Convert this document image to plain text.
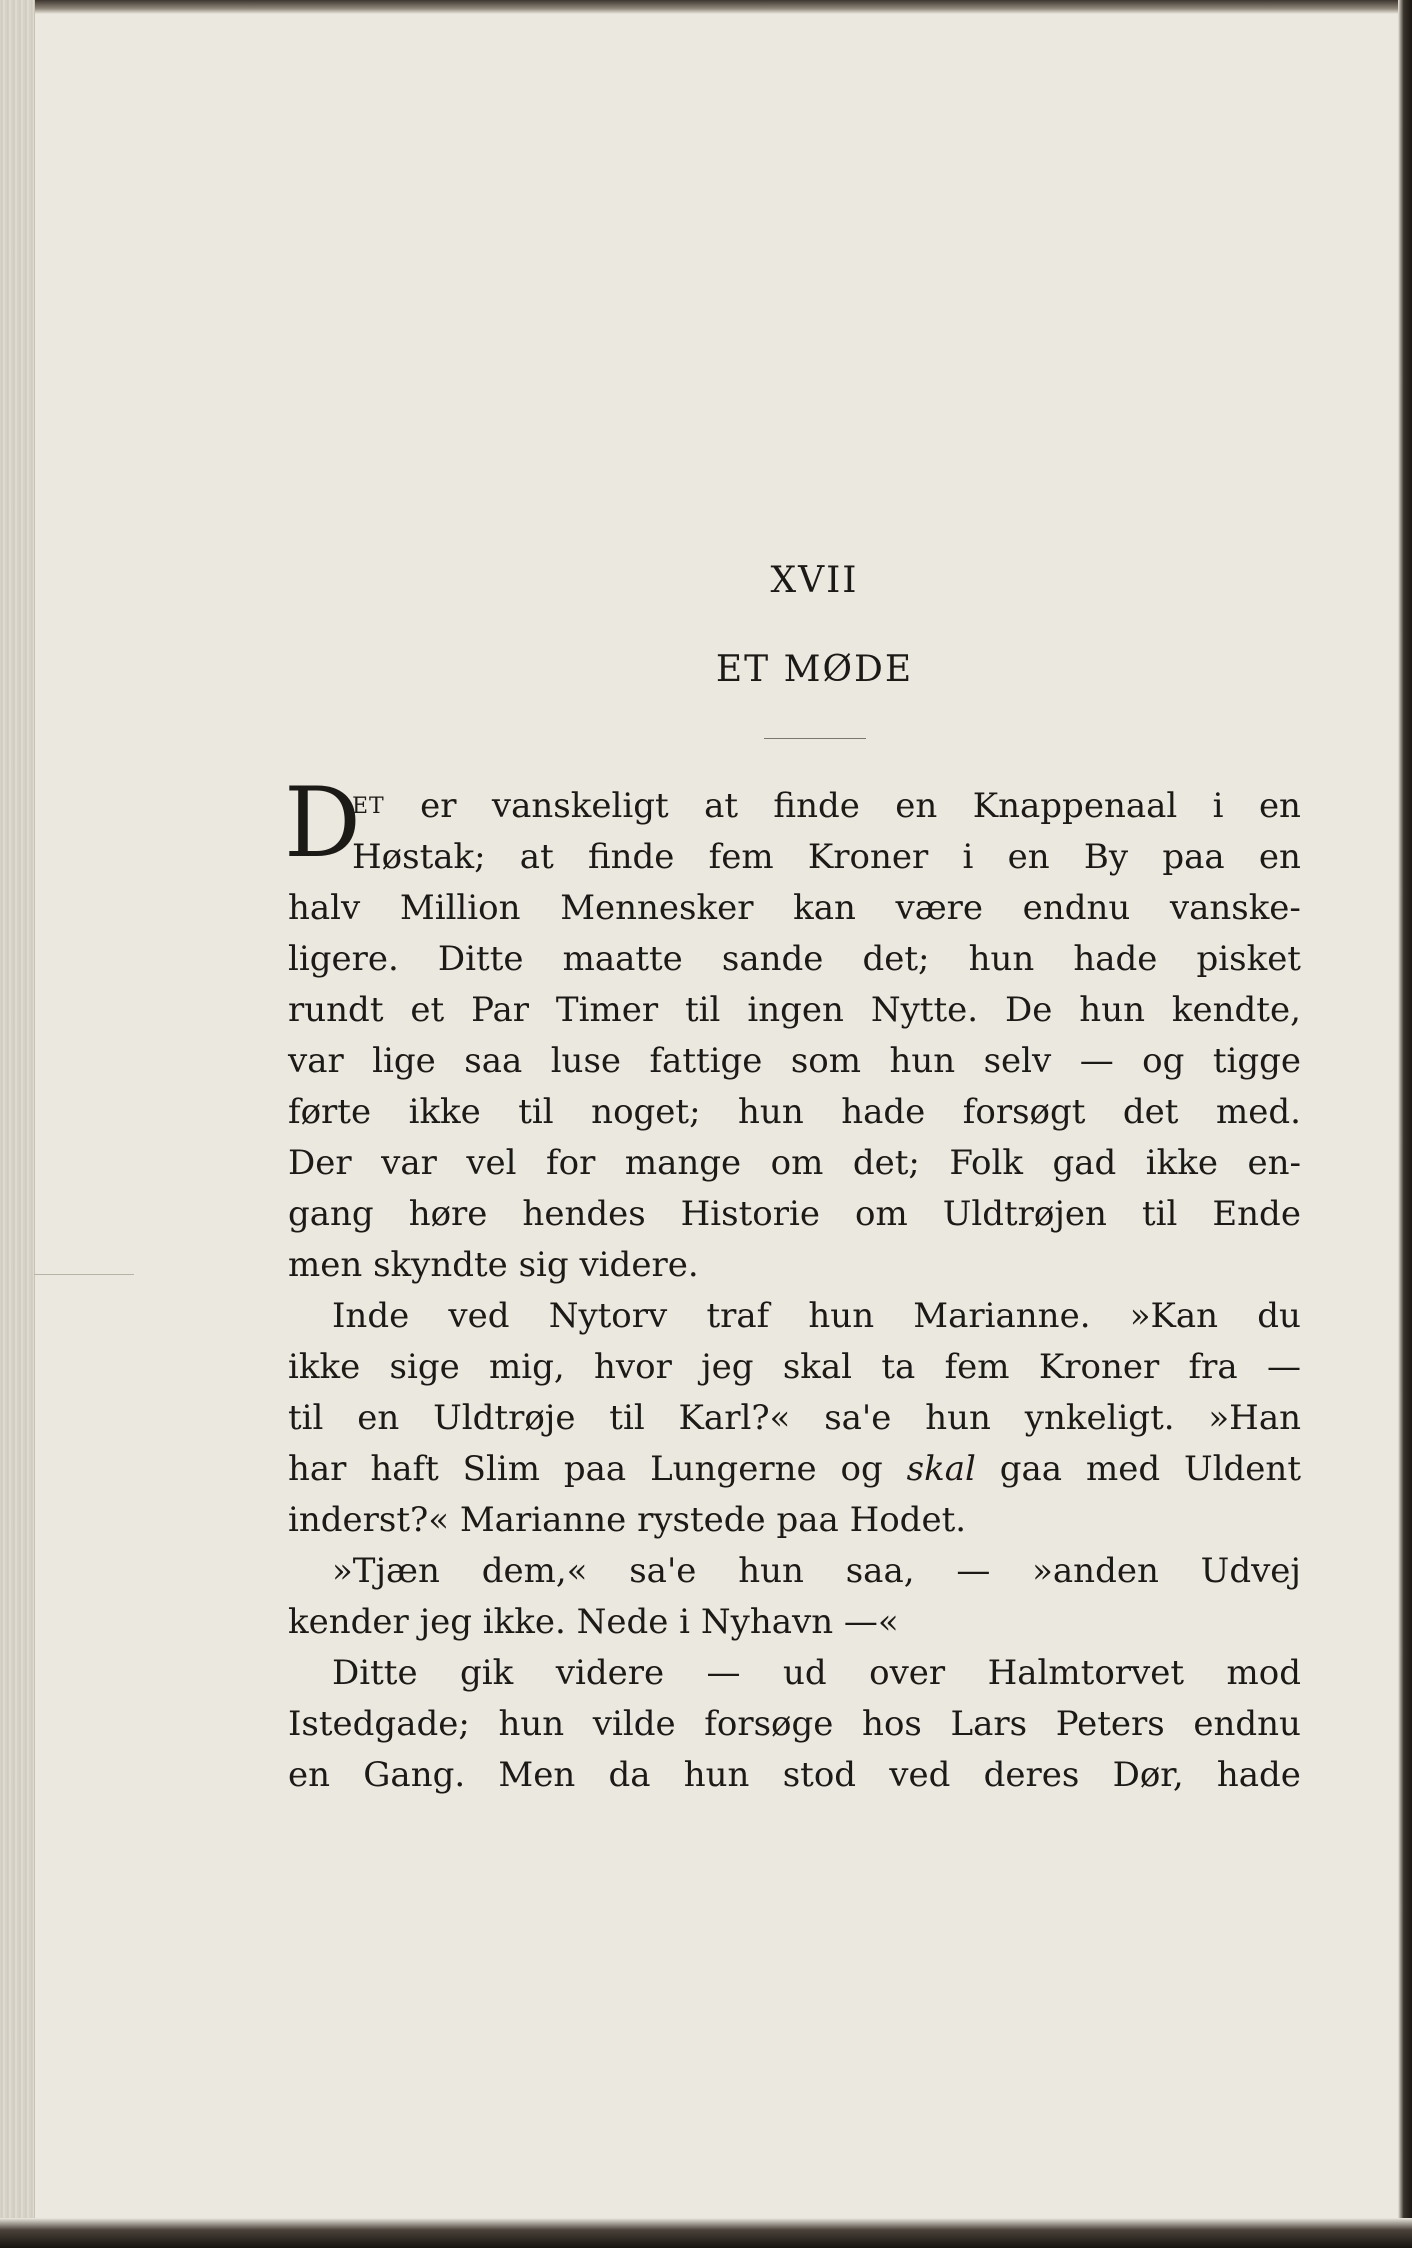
XVII
ET MØDE
D
ET er vanskeligt at finde en Knappenaal i en
Høstak; at finde fem Kroner i en By paa en
halv Million Mennesker kan være endnu vanske-
ligere. Ditte maatte sande det; hun hade pisket
rundt et Par Timer til ingen Nytte. De hun kendte,
var lige saa luse fattige som hun selv — og tigge
førte ikke til noget; hun hade forsøgt det med.
Der var vel for mange om det; Folk gad ikke en-
gang høre hendes Historie om Uldtrøjen til Ende
men skyndte sig videre.
Inde ved Nytorv traf hun Marianne. »Kan du
ikke sige mig, hvor jeg skal ta fem Kroner fra —
til en Uldtrøje til Karl?« sa'e hun ynkeligt. »Han
har haft Slim paa Lungerne og skal gaa med Uldent
inderst?« Marianne rystede paa Hodet.
»Tjæn dem,« sa'e hun saa, — »anden Udvej
kender jeg ikke. Nede i Nyhavn —«
Ditte gik videre — ud over Halmtorvet mod
Istedgade; hun vilde forsøge hos Lars Peters endnu
en Gang. Men da hun stod ved deres Dør, hade
